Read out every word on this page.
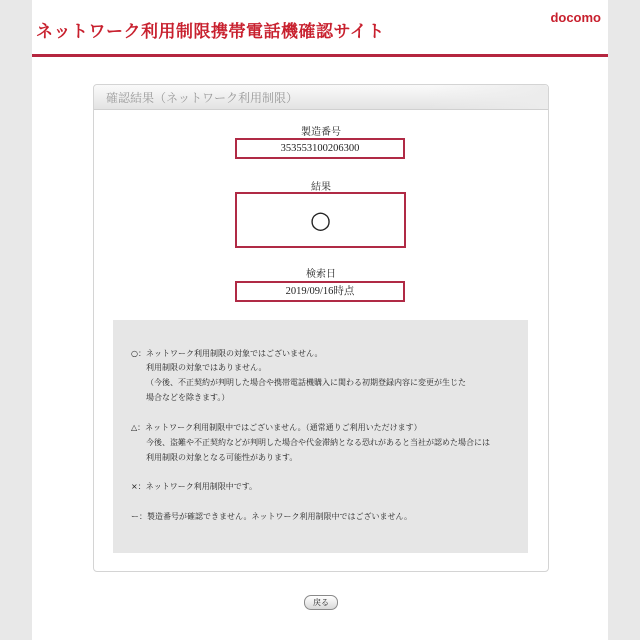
ネットワーク利用制限携帯電話機確認サイト
docomo
確認結果（ネットワーク利用制限）
製造番号
353553100206300
結果
○
検索日
2019/09/16時点
○：ネットワーク利用制限の対象ではございません。
利用制限の対象ではありません。
（今後、不正契約が判明した場合や携帯電話機購入に関わる初期登録内容に変更が生じた
場合などを除きます。）
△：ネットワーク利用制限中ではございません。（通常通りご利用いただけます）
今後、盗難や不正契約などが判明した場合や代金滞納となる恐れがあると当社が認めた場合には
利用制限の対象となる可能性があります。
×：ネットワーク利用制限中です。
ー：製造番号が確認できません。ネットワーク利用制限中ではございません。
戻る
